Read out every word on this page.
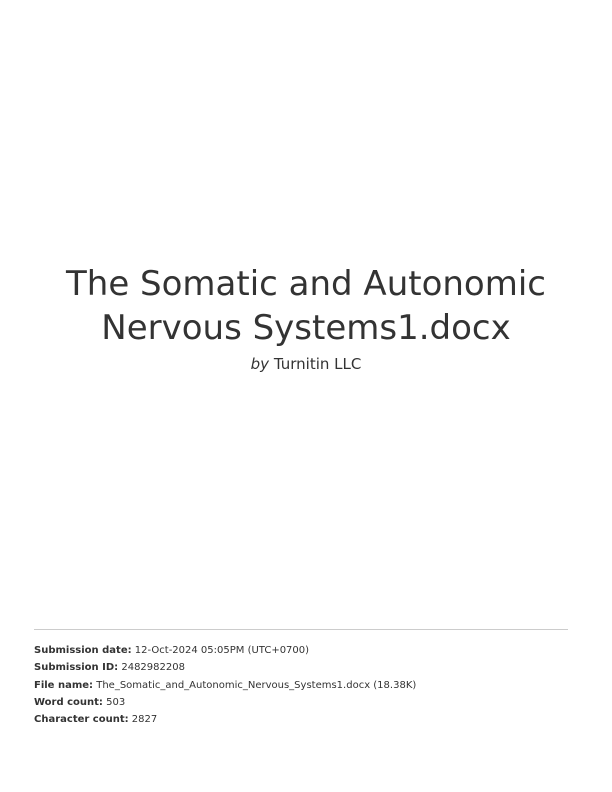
The Somatic and Autonomic
Nervous Systems1.docx
by Turnitin LLC
Submission date: 12-Oct-2024 05:05PM (UTC+0700)
Submission ID: 2482982208
File name: The_Somatic_and_Autonomic_Nervous_Systems1.docx (18.38K)
Word count: 503
Character count: 2827
